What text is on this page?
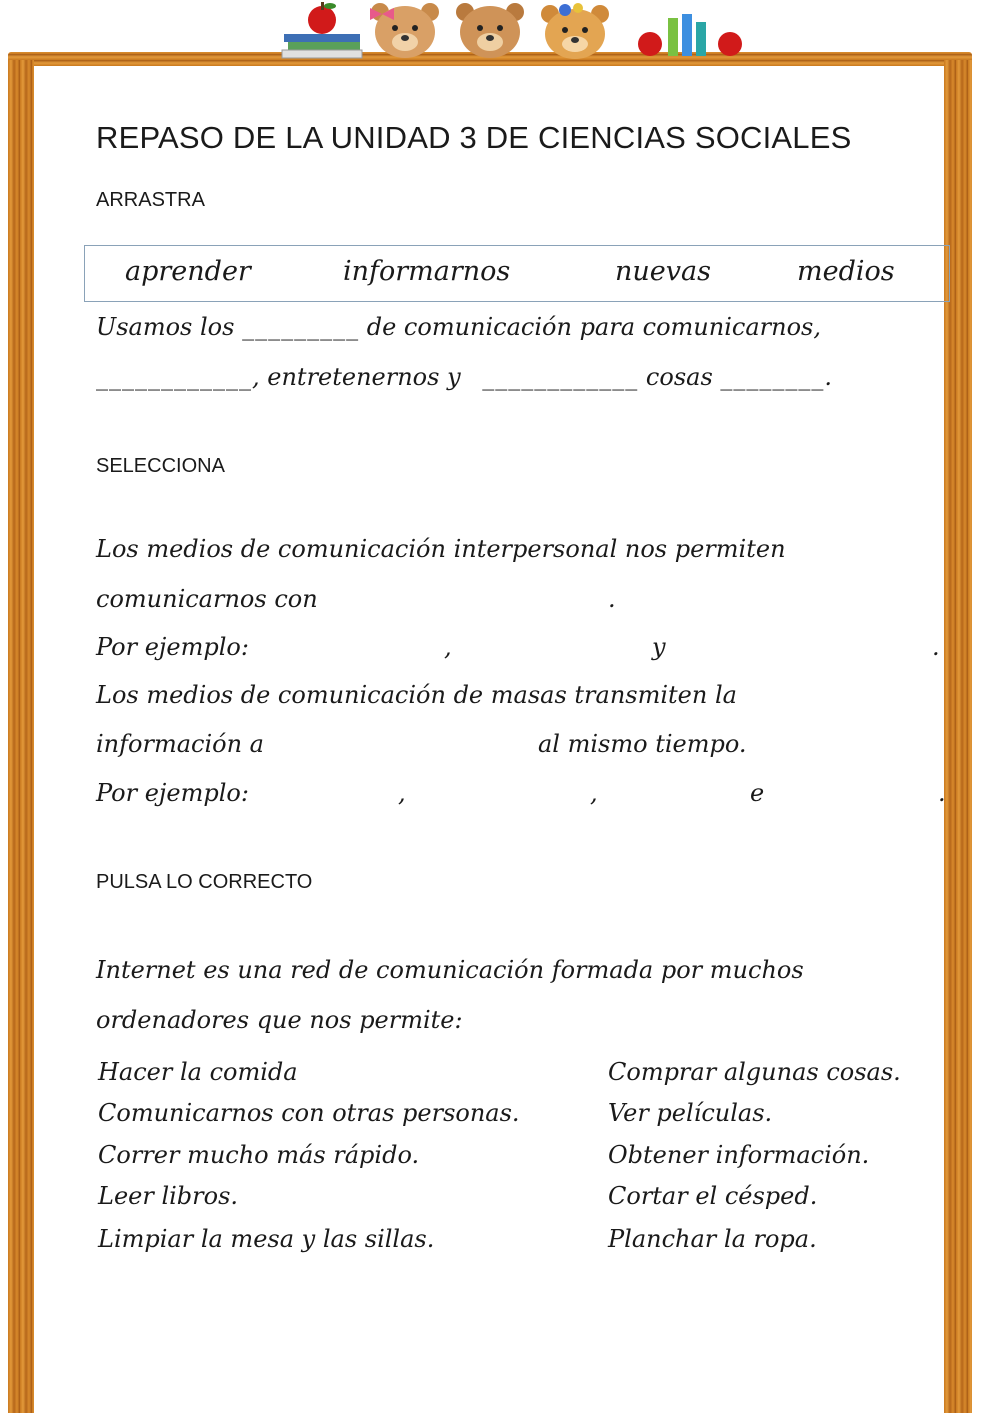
REPASO DE LA UNIDAD 3 DE CIENCIAS SOCIALES
ARRASTRA
aprender	informarnos	nuevas	medios
Usamos los _________ de comunicación para comunicarnos,
____________, entretenernos y ____________ cosas ________.
SELECCIONA
Los medios de comunicación interpersonal nos permiten
comunicarnos con	.
Por ejemplo:	,	y	.
Los medios de comunicación de masas transmiten la
información a	al mismo tiempo.
Por ejemplo:	,	,	e	.
PULSA LO CORRECTO
Internet es una red de comunicación formada por muchos
ordenadores que nos permite:
Hacer la comida
Comunicarnos con otras personas.
Correr mucho más rápido.
Leer libros.
Limpiar la mesa y las sillas.
Comprar algunas cosas.
Ver películas.
Obtener información.
Cortar el césped.
Planchar la ropa.
